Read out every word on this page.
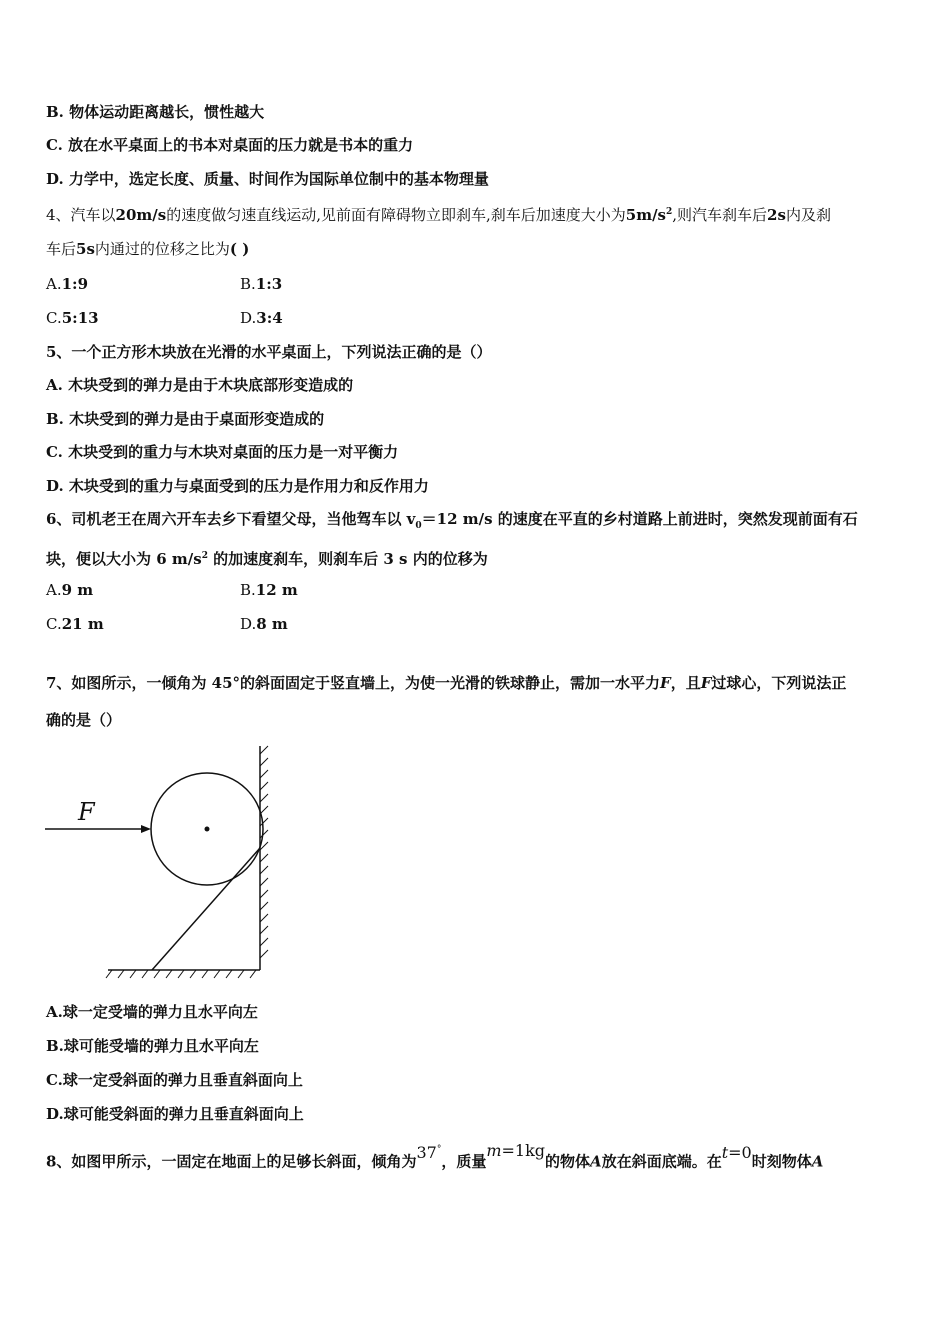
B. 物体运动距离越长，惯性越大
C. 放在水平桌面上的书本对桌面的压力就是书本的重力
D. 力学中，选定长度、质量、时间作为国际单位制中的基本物理量
4、汽车以20m/s的速度做匀速直线运动,见前面有障碍物立即刹车,刹车后加速度大小为$5m/s^2$,则汽车刹车后2s内及刹
车后5s内通过的位移之比为( )
A.1:9	B.1:3
C.5:13	D.3:4
5、一个正方形木块放在光滑的水平桌面上，下列说法正确的是（）
A. 木块受到的弹力是由于木块底部形变造成的
B. 木块受到的弹力是由于桌面形变造成的
C. 木块受到的重力与木块对桌面的压力是一对平衡力
D. 木块受到的重力与桌面受到的压力是作用力和反作用力
6、司机老王在周六开车去乡下看望父母，当他驾车以 $v_0=12$ m/s 的速度在平直的乡村道路上前进时，突然发现前面有石
块，便以大小为 6 $m/s^2$ 的加速度刹车，则刹车后 3 s 内的位移为
A.9 m	B.12 m
C.21 m	D.8 m
7、如图所示，一倾角为 45°的斜面固定于竖直墙上，为使一光滑的铁球静止，需加一水平力F，且F过球心，下列说法正
确的是（）
F
A.球一定受墙的弹力且水平向左
B.球可能受墙的弹力且水平向左
C.球一定受斜面的弹力且垂直斜面向上
D.球可能受斜面的弹力且垂直斜面向上
8、如图甲所示，一固定在地面上的足够长斜面，倾角为37°，质量m=1kg的物体A放在斜面底端。在t=0时刻物体A
